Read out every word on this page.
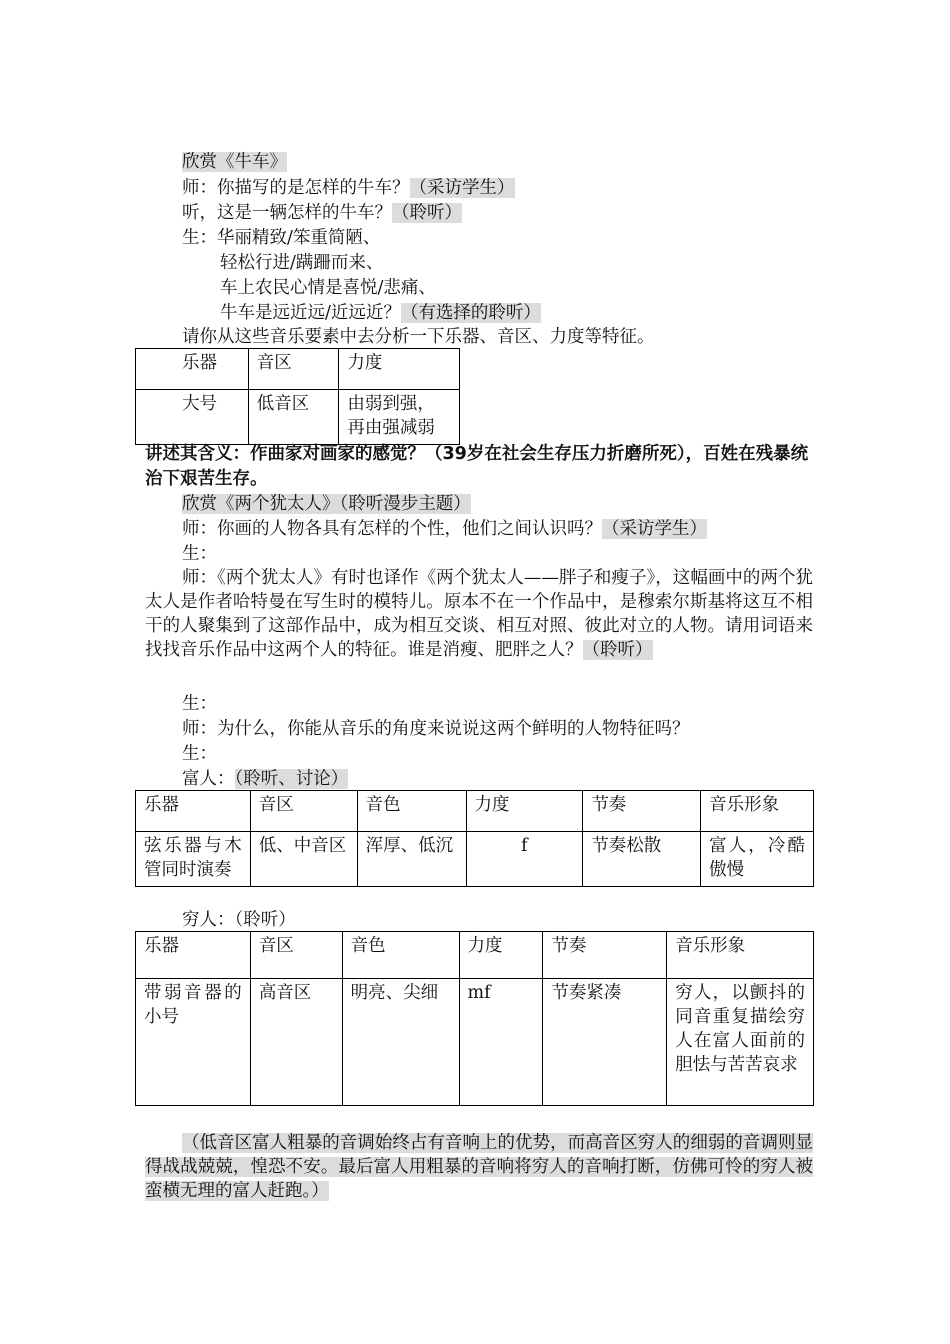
欣赏《牛车》
师：你描写的是怎样的牛车？（采访学生）
听，这是一辆怎样的牛车？（聆听）
生：华丽精致/笨重简陋、
轻松行进/蹒跚而来、
车上农民心情是喜悦/悲痛、
牛车是远近远/近远近？（有选择的聆听）
请你从这些音乐要素中去分析一下乐器、音区、力度等特征。
乐器	音区	力度
大号	低音区	由弱到强，再由强减弱
讲述其含义：作曲家对画家的感觉？（39岁在社会生存压力折磨所死），百姓在残暴统治下艰苦生存。
欣赏《两个犹太人》（聆听漫步主题）
师：你画的人物各具有怎样的个性，他们之间认识吗？（采访学生）
生：
师：《两个犹太人》有时也译作《两个犹太人——胖子和瘦子》，这幅画中的两个犹太人是作者哈特曼在写生时的模特儿。原本不在一个作品中，是穆索尔斯基将这互不相干的人聚集到了这部作品中，成为相互交谈、相互对照、彼此对立的人物。请用词语来找找音乐作品中这两个人的特征。谁是消瘦、肥胖之人？（聆听）
生：
师：为什么，你能从音乐的角度来说说这两个鲜明的人物特征吗？
生：
富人：（聆听、讨论）
乐器	音区	音色	力度	节奏	音乐形象
弦乐器与木管同时演奏	低、中音区	浑厚、低沉	f	节奏松散	富人，冷酷傲慢
穷人：（聆听）
乐器	音区	音色	力度	节奏	音乐形象
带弱音器的小号	高音区	明亮、尖细	mf	节奏紧凑	穷人，以颤抖的同音重复描绘穷人在富人面前的胆怯与苦苦哀求
（低音区富人粗暴的音调始终占有音响上的优势，而高音区穷人的细弱的音调则显得战战兢兢，惶恐不安。最后富人用粗暴的音响将穷人的音响打断，仿佛可怜的穷人被蛮横无理的富人赶跑。）
